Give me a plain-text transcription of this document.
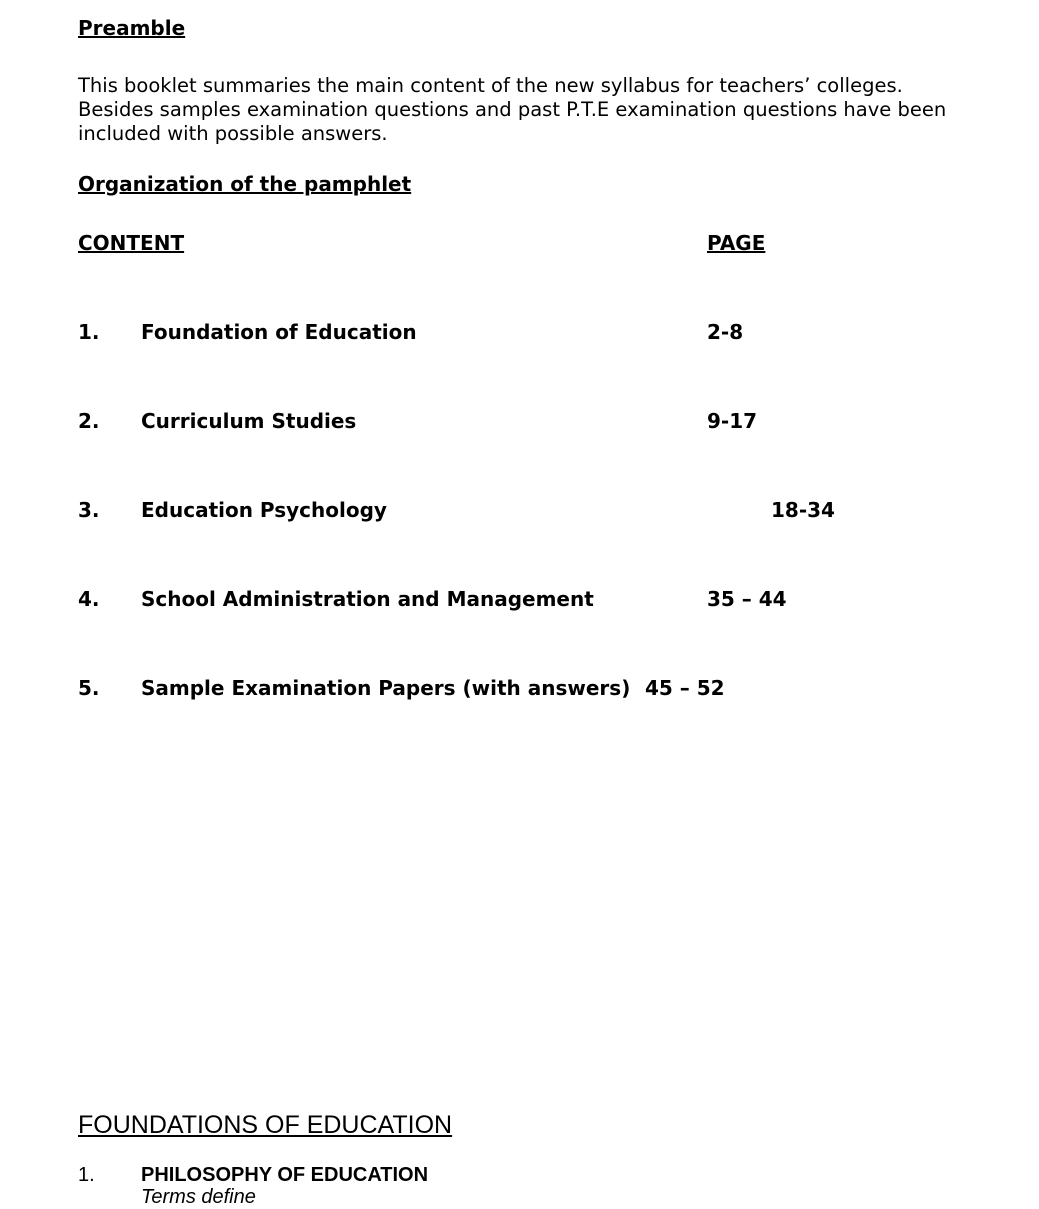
Preamble
This booklet summaries the main content of the new syllabus for teachers’ colleges. Besides samples examination questions and past P.T.E examination questions have been included with possible answers.
Organization of the pamphlet
CONTENT	PAGE
1. Foundation of Education	2-8
2. Curriculum Studies	9-17
3. Education Psychology	18-34
4. School Administration and Management	35 – 44
5. Sample Examination Papers (with answers) 45 – 52
FOUNDATIONS OF EDUCATION
1. PHILOSOPHY OF EDUCATION
Terms define
